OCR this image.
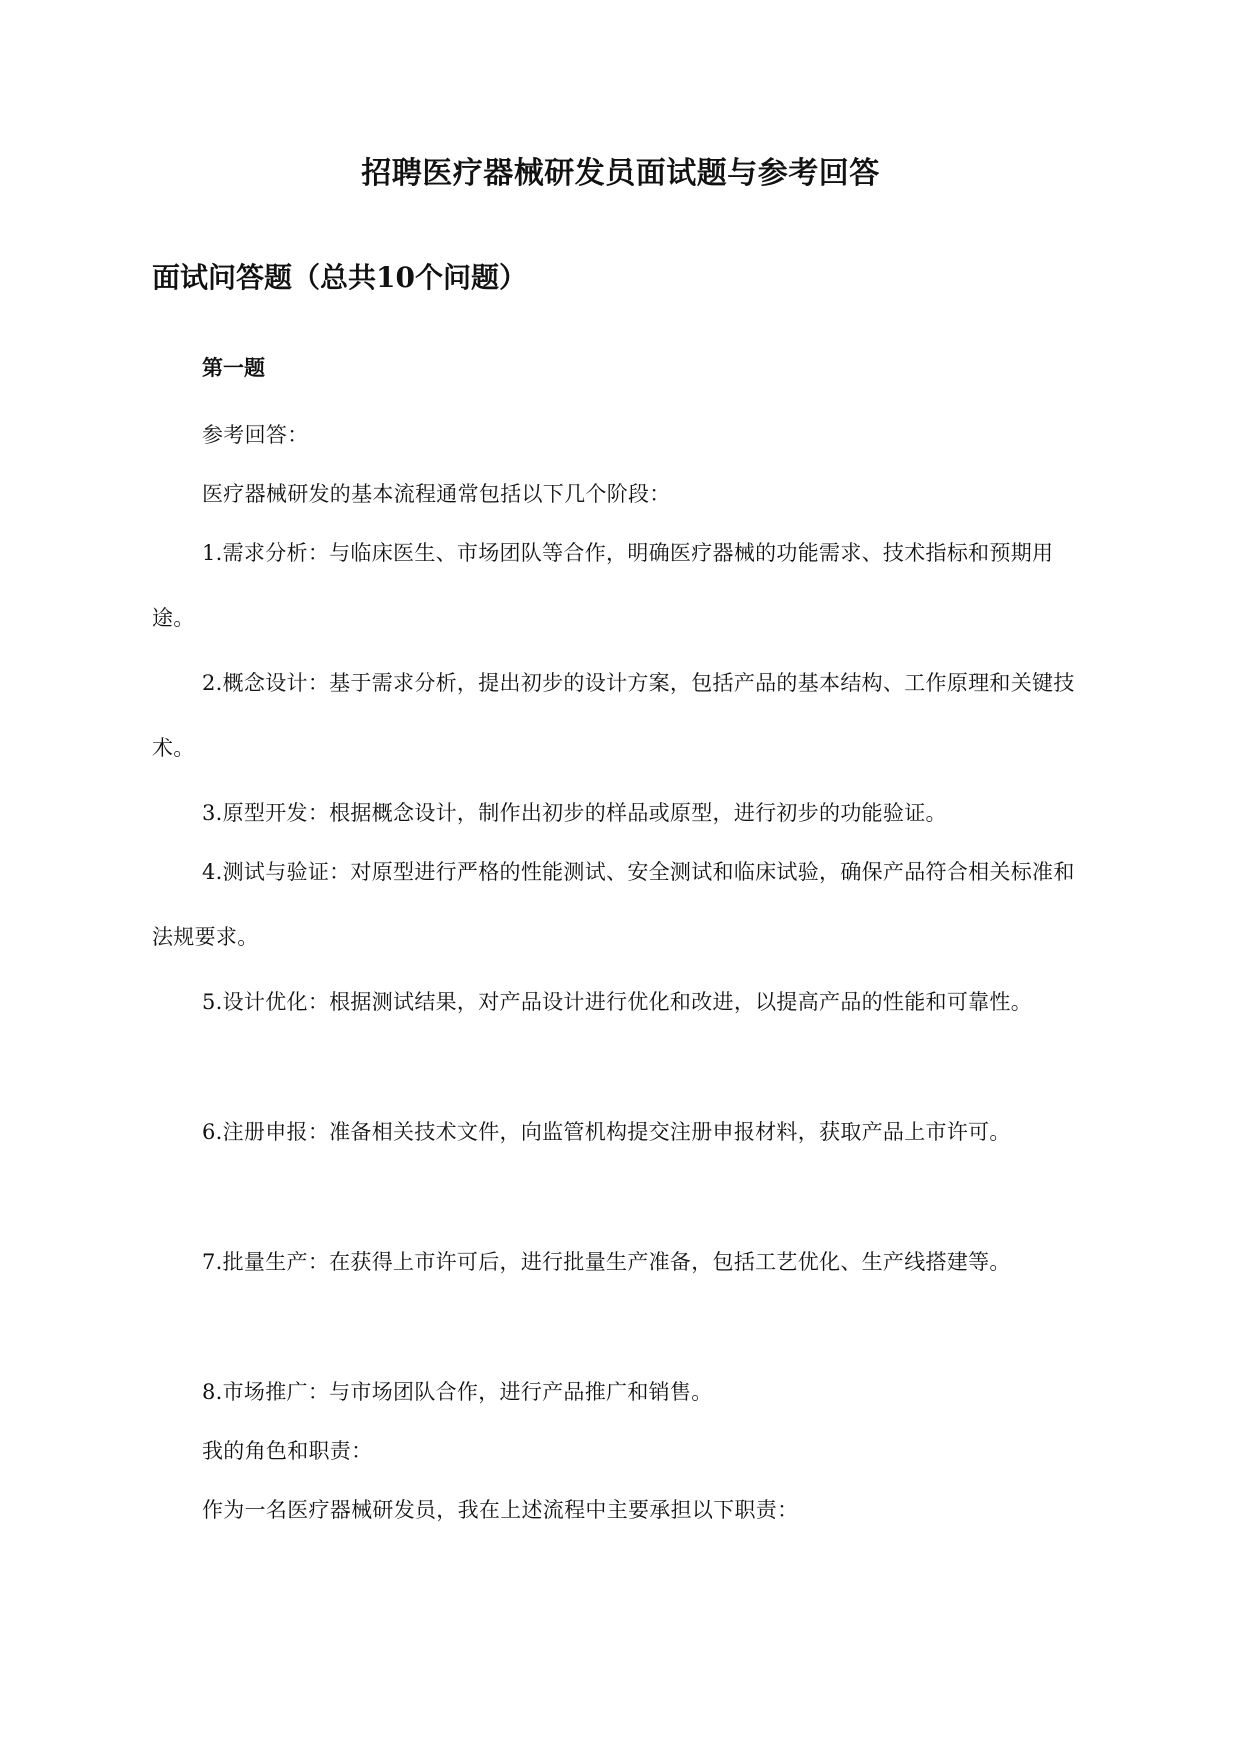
招聘医疗器械研发员面试题与参考回答
面试问答题（总共10个问题）
第一题

参考回答：

医疗器械研发的基本流程通常包括以下几个阶段：

1.需求分析：与临床医生、市场团队等合作，明确医疗器械的功能需求、技术指标和预期用途。

2.概念设计：基于需求分析，提出初步的设计方案，包括产品的基本结构、工作原理和关键技术。

3.原型开发：根据概念设计，制作出初步的样品或原型，进行初步的功能验证。

4.测试与验证：对原型进行严格的性能测试、安全测试和临床试验，确保产品符合相关标准和法规要求。

5.设计优化：根据测试结果，对产品设计进行优化和改进，以提高产品的性能和可靠性。

6.注册申报：准备相关技术文件，向监管机构提交注册申报材料，获取产品上市许可。

7.批量生产：在获得上市许可后，进行批量生产准备，包括工艺优化、生产线搭建等。

8.市场推广：与市场团队合作，进行产品推广和销售。

我的角色和职责：

作为一名医疗器械研发员，我在上述流程中主要承担以下职责：
